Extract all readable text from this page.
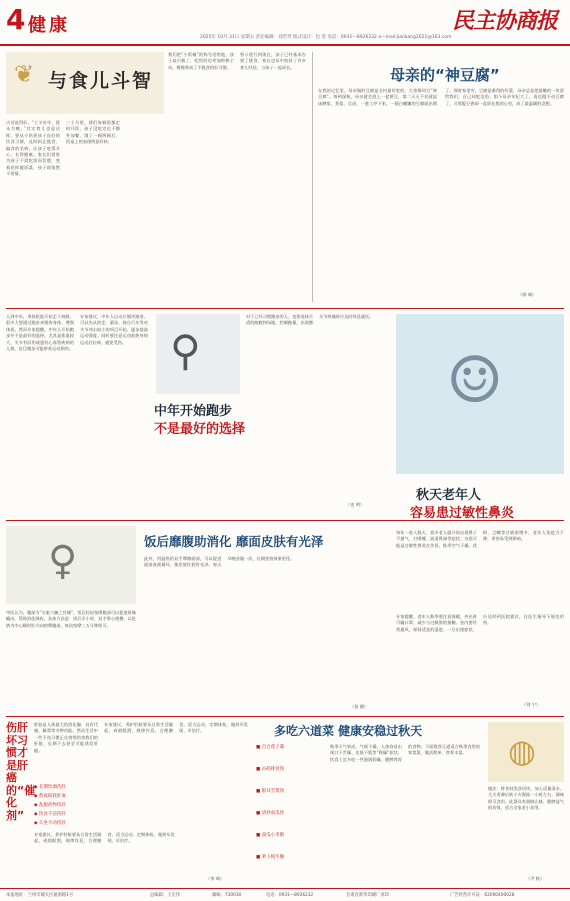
4 健康
2025年 10月 31日 星期五 责任编辑：刘若琴 版式设计：包 萱 电话：0931—8926232 e—mail:jiankang2021@163.com
民主协商报
❦ 与食儿斗智
古话说得好，“亡羊补牢，犹未为晚。”其实育儿也是这样，要从小培养孩子良好的饮食习惯，及时纠正挑食、偏食的毛病，让孩子吃得开心、长得健康。家长们常常为孩子不爱吃饭而发愁，变着花样做饭菜，孩子却依然不领情。
三个月里，我们每顿饭都定时开饭，孩子没吃完也不额外加餐，饿了一顿两顿后，饭桌上的表现明显好转。
我们把“小饭桶”的称号送给他，孩子高兴极了，吃饭时也更加积极主动，慢慢养成了不挑食的好习惯。
智斗进行到现在，孩子已经基本告别了挑食，家长也从中收获了许多育儿经验，与孩子一起成长。	母亲的“神豆腐”
在我的记忆里，母亲做的豆腐是全村最好吃的，大家都叫它“神豆腐”。每到深秋，母亲就会泡上一盆黄豆，第二天天不亮就起床磨浆、煮浆、点卤，一套工序下来，一锅白嫩嫩的豆腐就出锅了。那时家里穷，豆腐是难得的好菜，母亲总是把最嫩的一块留给我们，自己却吃边角。如今母亲年纪大了，再也做不动豆腐了，可那股豆香却一直留在我的心里，成了最温暖的念想。
（郭 瑞）
人到中年，身体机能开始走下坡路，很多人想通过跑步来锻炼身体、增强体质。然而专家提醒，中年人开始跑步并不是最好的选择，尤其是体重较大、关节有旧伤或患有心血管疾病的人群，盲目跑步可能带来运动损伤。
专家建议，中年人运动应循序渐进，可以先从快走、游泳、骑自行车等对关节冲击较小的项目开始，逐步提高运动强度。同时要注意运动前热身和运动后拉伸，避免受伤。	⚲
中年开始跑步
不是最好的选择
对于已经习惯跑步的人，也要选择合适的跑鞋和场地，控制跑量，出现膝关节疼痛时应及时休息就医。
（史 明）
☺
♀	饭后靡腹助消化 靡面皮肤有光泽
中医认为，腹部为“五脏六腑之宫城”，饭后轻轻按摩腹部可以促进胃肠蠕动，帮助消化吸收。具体方法是：饭后半小时，双手掌心相叠，以肚脐为中心顺时针方向按摩腹部，每次按摩三五分钟即可。
此外，用温热的双手摩擦面部，可以促进面部血液循环，使皮肤红润有光泽。每天早晚各做一次，长期坚持效果更佳。
（侯 健）
秋天老年人
容易患过敏性鼻炎
每年一进入秋天，很多老人就开始出现鼻子不通气、打喷嚏、流清鼻涕等症状，这很可能是过敏性鼻炎在作怪。秋季空气干燥，花粉、尘螨等过敏原增多，老年人免疫力下降，更容易受到影响。
专家提醒，老年人秋季要注意保暖，外出时可戴口罩，减少与过敏原的接触。室内要经常通风，保持适宜的湿度。一旦出现症状，应及时到医院就诊，在医生指导下规范用药。
（刘 宁）
伤肝坏习惯才是肝癌的“催化剂”
肝脏是人体最大的消化腺，具有代谢、解毒等多种功能。然而生活中一些不良习惯正在悄悄伤害我们的肝脏，长期下去甚至可能诱发肝癌。
◆ 长期饮酒伤肝
◆ 熬夜损耗肝血
◆ 乱服药物伤肝
◆ 饮食不洁伤肝
◆ 久坐不动伤肝
专家建议，养护肝脏要从日常生活做起，戒烟限酒，规律作息，合理膳食，适当运动，定期体检，做到早发现、早治疗。
专家建议，养护肝脏要从日常生活做起，戒烟限酒，规律作息，合理膳食，适当运动，定期体检，做到早发现、早治疗。
（李 萌）
多吃六道菜 健康安稳过秋天
■ 百合莲子羹
■ 山药排骨汤
■ 银耳雪梨汤
■ 清炒南瓜丝
■ 南瓜小米粥
■ 萝卜炖牛腩
秋季天气转凉，气候干燥，人体容易出现口干舌燥、皮肤干裂等“秋燥”症状。饮食上宜多吃一些滋阴润燥、健脾养胃的食物。下面推荐几道适合秋季食用的家常菜，做法简单，营养丰富。	◍
做法：将食材洗净切块，加入适量清水，大火煮沸后转小火慢炖一小时左右，调味即可食用。此菜具有润肺止咳、健脾益气的功效，适合全家老小食用。
（尹 秋）
本报地址：兰州市城关区通渭路1号	总编辑：王宏伟	邮编：730030	电话：0931—8926232	甘肃省新华印刷厂承印	广告经营许可证：62000400028
